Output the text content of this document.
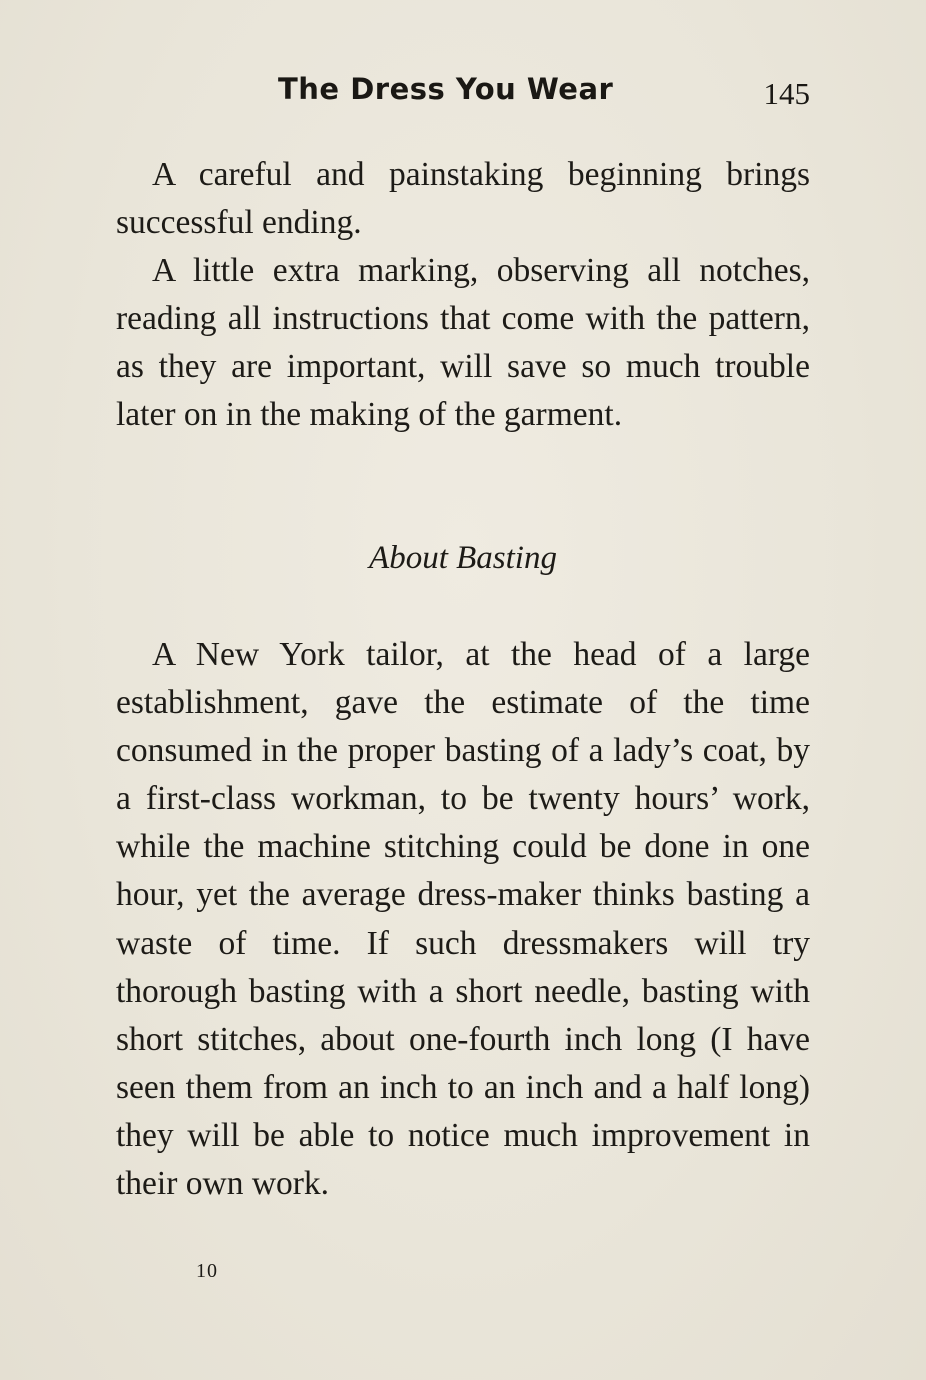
The Dress You Wear	145

A careful and painstaking beginning brings successful ending.

A little extra marking, observing all notches, reading all instructions that come with the pattern, as they are important, will save so much trouble later on in the making of the garment.

About Basting

A New York tailor, at the head of a large establishment, gave the estimate of the time consumed in the proper basting of a lady’s coat, by a first-class workman, to be twenty hours’ work, while the machine stitching could be done in one hour, yet the average dress-maker thinks basting a waste of time. If such dressmakers will try thorough basting with a short needle, basting with short stitches, about one-fourth inch long (I have seen them from an inch to an inch and a half long) they will be able to notice much improvement in their own work.

10
